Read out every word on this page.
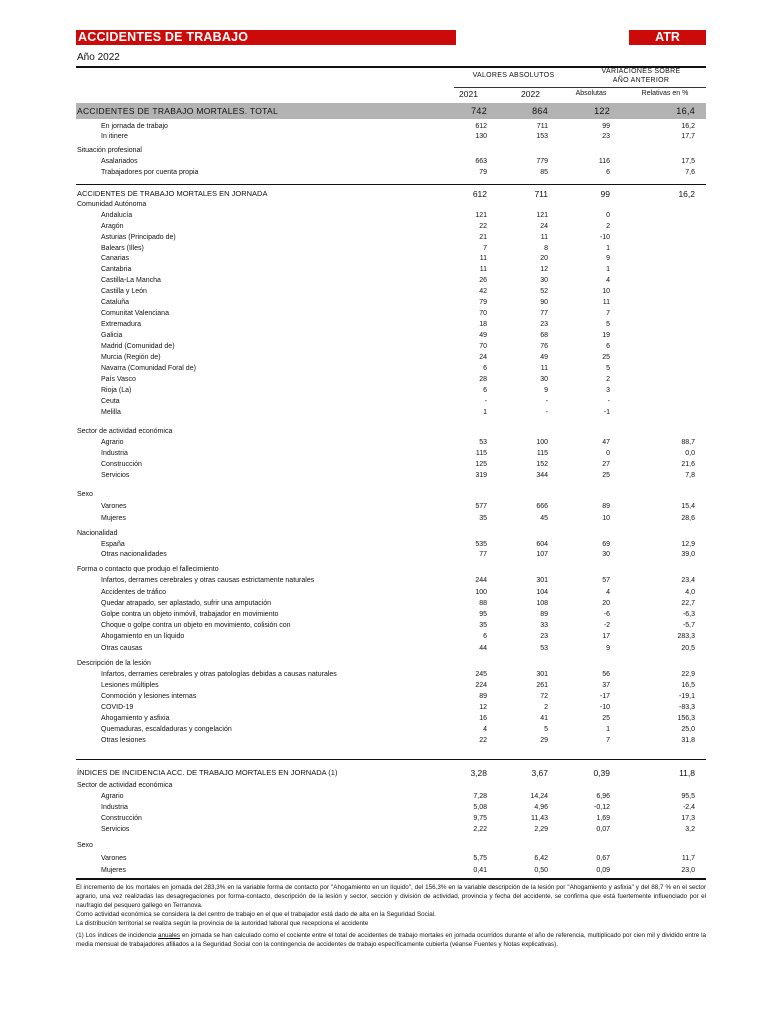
ACCIDENTES DE TRABAJO	ATR
Año 2022
VALORES ABSOLUTOS
VARIACIONES SOBRE
AÑO ANTERIOR
2021	2022	Absolutas	Relativas en %
ACCIDENTES DE TRABAJO MORTALES. TOTAL	742	864	122	16,4
En jornada de trabajo	612	711	99	16,2
In itinere	130	153	23	17,7
Situación profesional
Asalariados	663	779	116	17,5
Trabajadores por cuenta propia	79	85	6	7,6
ACCIDENTES DE TRABAJO MORTALES EN JORNADA	612	711	99	16,2
Comunidad Autónoma
Andalucía	121	121	0
Aragón	22	24	2
Asturias (Principado de)	21	11	-10
Balears (Illes)	7	8	1
Canarias	11	20	9
Cantabria	11	12	1
Castilla-La Mancha	26	30	4
Castilla y León	42	52	10
Cataluña	79	90	11
Comunitat Valenciana	70	77	7
Extremadura	18	23	5
Galicia	49	68	19
Madrid (Comunidad de)	70	76	6
Murcia (Región de)	24	49	25
Navarra (Comunidad Foral de)	6	11	5
País Vasco	28	30	2
Rioja (La)	6	9	3
Ceuta	-	-	-
Melilla	1	-	-1
Sector de actividad económica
Agrario	53	100	47	88,7
Industria	115	115	0	0,0
Construcción	125	152	27	21,6
Servicios	319	344	25	7,8
Sexo
Varones	577	666	89	15,4
Mujeres	35	45	10	28,6
Nacionalidad
España	535	604	69	12,9
Otras nacionalidades	77	107	30	39,0
Forma o contacto que produjo el fallecimiento
Infartos, derrames cerebrales y otras causas estrictamente naturales	244	301	57	23,4
Accidentes de tráfico	100	104	4	4,0
Quedar atrapado, ser aplastado, sufrir una amputación	88	108	20	22,7
Golpe contra un objeto inmóvil, trabajador en movimiento	95	89	-6	-6,3
Choque o golpe contra un objeto en movimiento, colisión con	35	33	-2	-5,7
Ahogamiento en un líquido	6	23	17	283,3
Otras causas	44	53	9	20,5
Descripción de la lesión
Infartos, derrames cerebrales y otras patologías debidas a causas naturales	245	301	56	22,9
Lesiones múltiples	224	261	37	16,5
Conmoción y lesiones internas	89	72	-17	-19,1
COVID-19	12	2	-10	-83,3
Ahogamiento y asfixia	16	41	25	156,3
Quemaduras, escaldaduras y congelación	4	5	1	25,0
Otras lesiones	22	29	7	31,8
ÍNDICES DE INCIDENCIA ACC. DE TRABAJO MORTALES EN JORNADA (1)	3,28	3,67	0,39	11,8
Sector de actividad económica
Agrario	7,28	14,24	6,96	95,5
Industria	5,08	4,96	-0,12	-2,4
Construcción	9,75	11,43	1,69	17,3
Servicios	2,22	2,29	0,07	3,2
Sexo
Varones	5,75	6,42	0,67	11,7
Mujeres	0,41	0,50	0,09	23,0

El incremento de los mortales en jornada del 283,3% en la variable forma de contacto por "Ahogamiento en un líquido", del 156,3% en la variable descripción de la lesión por "Ahogamiento y asfixia" y del 88,7 % en el sector agrario, una vez realizadas las desagregaciones por forma-contacto, descripción de la lesión y sector, sección y división de actividad, provincia y fecha del accidente, se confirma que está fuertemente influenciado por el naufragio del pesquero gallego en Terranova.

Como actividad económica se considera la del centro de trabajo en el que el trabajador está dado de alta en la Seguridad Social.

La distribución territorial se realiza según la provincia de la autoridad laboral que recepciona el accidente

(1) Los índices de incidencia anuales en jornada se han calculado como el cociente entre el total de accidentes de trabajo mortales en jornada ocurridos durante el año de referencia, multiplicado por cien mil y dividido entre la media mensual de trabajadores afiliados a la Seguridad Social con la contingencia de accidentes de trabajo específicamente cubierta (véanse Fuentes y Notas explicativas).
